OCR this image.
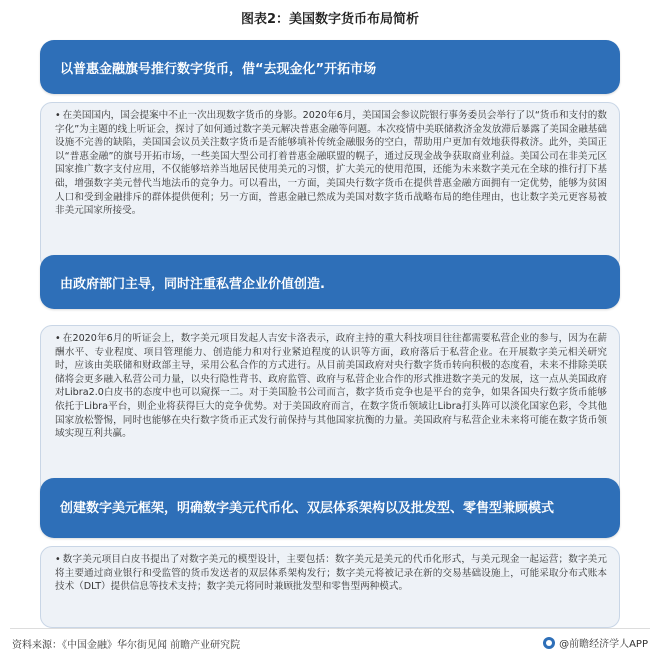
图表2：美国数字货币布局简析
以普惠金融旗号推行数字货币，借“去现金化”开拓市场
• 在美国国内，国会提案中不止一次出现数字货币的身影。2020年6月，美国国会参议院银行事务委员会举行了以“货币和支付的数字化”为主题的线上听证会，探讨了如何通过数字美元解决普惠金融等问题。本次疫情中美联储救济金发放滞后暴露了美国金融基础设施不完善的缺陷，美国国会议员关注数字货币是否能够填补传统金融服务的空白，帮助用户更加有效地获得救济。此外，美国正以“普惠金融”的旗号开拓市场，一些美国大型公司打着普惠金融联盟的幌子，通过反现金战争获取商业利益。美国公司在非美元区国家推广数字支付应用，不仅能够培养当地居民使用美元的习惯，扩大美元的使用范围，还能为未来数字美元在全球的推行打下基础，增强数字美元替代当地法币的竞争力。可以看出，一方面，美国央行数字货币在提供普惠金融方面拥有一定优势，能够为贫困人口和受到金融排斥的群体提供便利；另一方面，普惠金融已然成为美国对数字货币战略布局的绝佳理由，也让数字美元更容易被非美元国家所接受。
由政府部门主导，同时注重私营企业价值创造.
• 在2020年6月的听证会上，数字美元项目发起人吉安卡洛表示，政府主持的重大科技项目往往都需要私营企业的参与，因为在薪酬水平、专业程度、项目管理能力、创造能力和对行业紧迫程度的认识等方面，政府落后于私营企业。在开展数字美元相关研究时，应该由美联储和财政部主导，采用公私合作的方式进行。从目前美国政府对央行数字货币转向积极的态度看，未来不排除美联储将会更多融入私营公司力量，以央行隐性背书、政府监管、政府与私营企业合作的形式推进数字美元的发展，这一点从美国政府对Libra2.0白皮书的态度中也可以窥探一二。对于美国脸书公司而言，数字货币竞争也是平台的竞争，如果各国央行数字货币能够依托于Libra平台，则企业将获得巨大的竞争优势。对于美国政府而言，在数字货币领域让Libra打头阵可以淡化国家色彩，令其他国家放松警惕，同时也能够在央行数字货币正式发行前保持与其他国家抗衡的力量。美国政府与私营企业未来将可能在数字货币领域实现互利共赢。
创建数字美元框架，明确数字美元代币化、双层体系架构以及批发型、零售型兼顾模式
• 数字美元项目白皮书提出了对数字美元的模型设计，主要包括：数字美元是美元的代币化形式，与美元现金一起运营；数字美元将主要通过商业银行和受监管的货币发送者的双层体系架构发行；数字美元将被记录在新的交易基础设施上，可能采取分布式账本技术（DLT）提供信息等技术支持；数字美元将同时兼顾批发型和零售型两种模式。
资料来源：《中国金融》华尔街见闻 前瞻产业研究院	@前瞻经济学人APP
